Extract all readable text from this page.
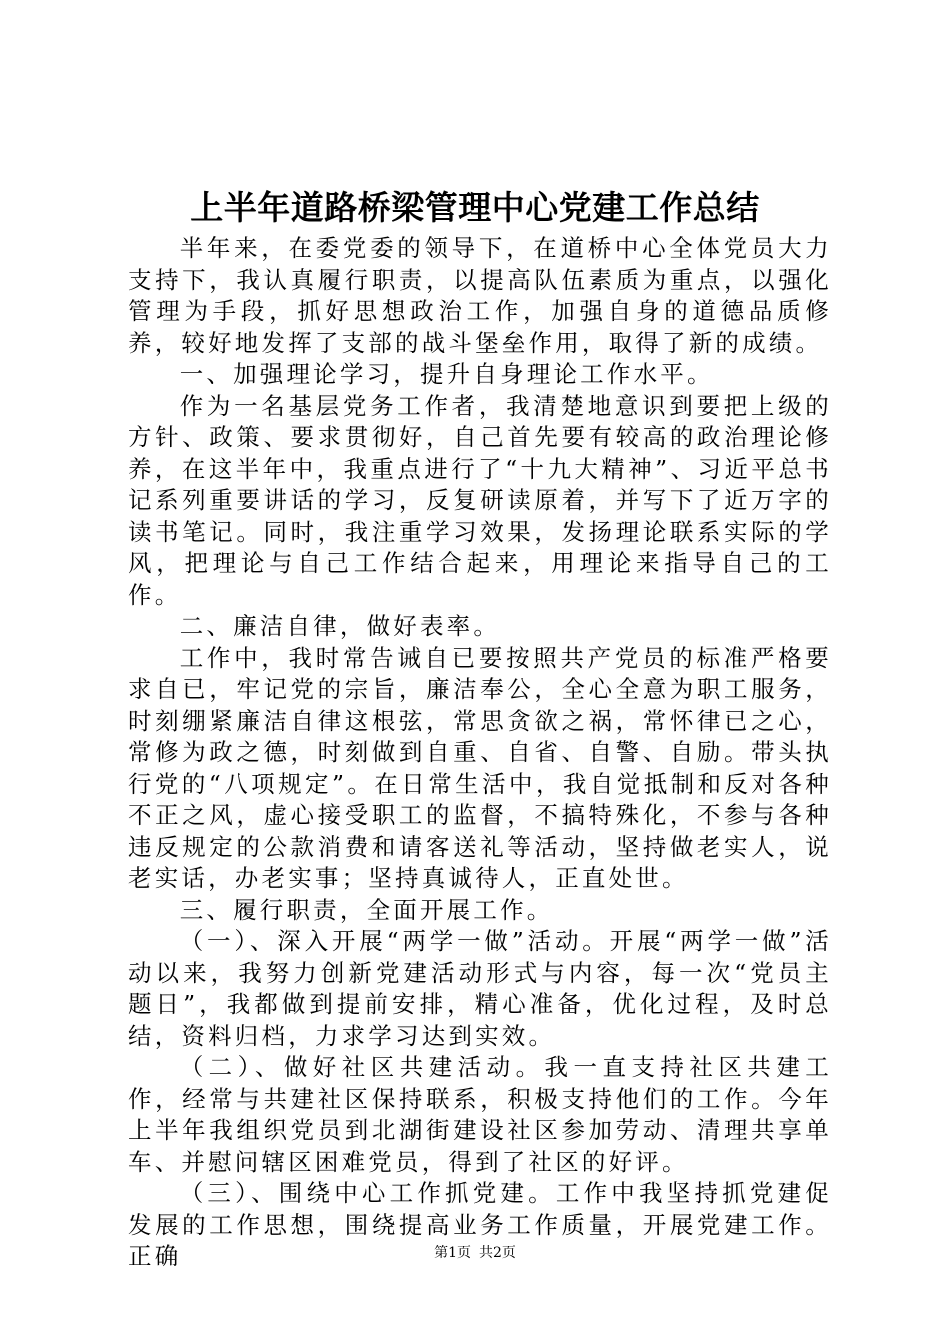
上半年道路桥梁管理中心党建工作总结

半年来，在委党委的领导下，在道桥中心全体党员大力支持下，我认真履行职责，以提高队伍素质为重点，以强化管理为手段，抓好思想政治工作，加强自身的道德品质修养，较好地发挥了支部的战斗堡垒作用，取得了新的成绩。

一、加强理论学习，提升自身理论工作水平。

作为一名基层党务工作者，我清楚地意识到要把上级的方针、政策、要求贯彻好，自己首先要有较高的政治理论修养，在这半年中，我重点进行了“十九大精神”、习近平总书记系列重要讲话的学习，反复研读原着，并写下了近万字的读书笔记。同时，我注重学习效果，发扬理论联系实际的学风，把理论与自己工作结合起来，用理论来指导自己的工作。

二、廉洁自律，做好表率。

工作中，我时常告诫自已要按照共产党员的标准严格要求自已，牢记党的宗旨，廉洁奉公，全心全意为职工服务，时刻绷紧廉洁自律这根弦，常思贪欲之祸，常怀律已之心，常修为政之德，时刻做到自重、自省、自警、自励。带头执行党的“八项规定”。在日常生活中，我自觉抵制和反对各种不正之风，虚心接受职工的监督，不搞特殊化，不参与各种违反规定的公款消费和请客送礼等活动，坚持做老实人，说老实话，办老实事；坚持真诚待人，正直处世。

三、履行职责，全面开展工作。

（一）、深入开展“两学一做”活动。开展“两学一做”活动以来，我努力创新党建活动形式与内容，每一次“党员主题日”，我都做到提前安排，精心准备，优化过程，及时总结，资料归档，力求学习达到实效。

（二）、做好社区共建活动。我一直支持社区共建工作，经常与共建社区保持联系，积极支持他们的工作。今年上半年我组织党员到北湖街建设社区参加劳动、清理共享单车、并慰问辖区困难党员，得到了社区的好评。

（三）、围绕中心工作抓党建。工作中我坚持抓党建促发展的工作思想，围绕提高业务工作质量，开展党建工作。正确	第1页 共2页
